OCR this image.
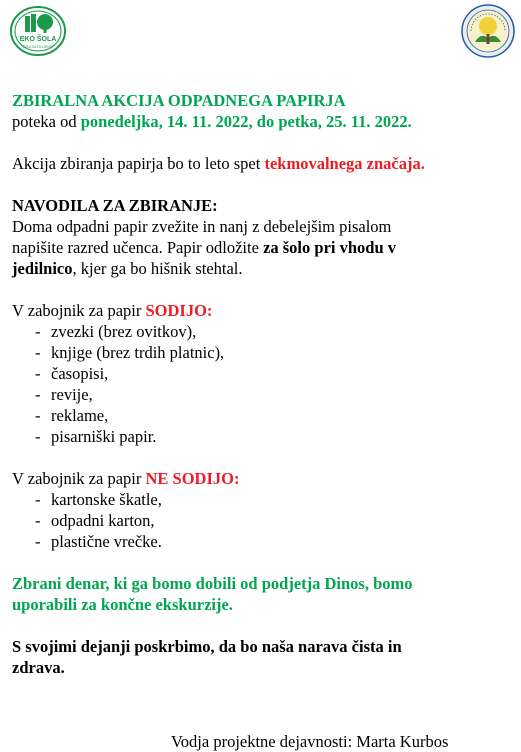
EKO ŠOLA
ŠOLA ZA ŽIVLJENJE

ZBIRALNA AKCIJA ODPADNEGA PAPIRJA

poteka od ponedeljka, 14. 11. 2022, do petka, 25. 11. 2022.

Akcija zbiranja papirja bo to leto spet tekmovalnega značaja.

NAVODILA ZA ZBIRANJE:

Doma odpadni papir zvežite in nanj z debelejšim pisalom

napišite razred učenca. Papir odložite za šolo pri vhodu v

jedilnico, kjer ga bo hišnik stehtal.

V zabojnik za papir SODIJO:

- zvezki (brez ovitkov),
- knjige (brez trdih platnic),
- časopisi,
- revije,
- reklame,
- pisarniški papir.

V zabojnik za papir NE SODIJO:

- kartonske škatle,
- odpadni karton,
- plastične vrečke.

Zbrani denar, ki ga bomo dobili od podjetja Dinos, bomo

uporabili za končne ekskurzije.

S svojimi dejanji poskrbimo, da bo naša narava čista in

zdrava.

Vodja projektne dejavnosti: Marta Kurbos
